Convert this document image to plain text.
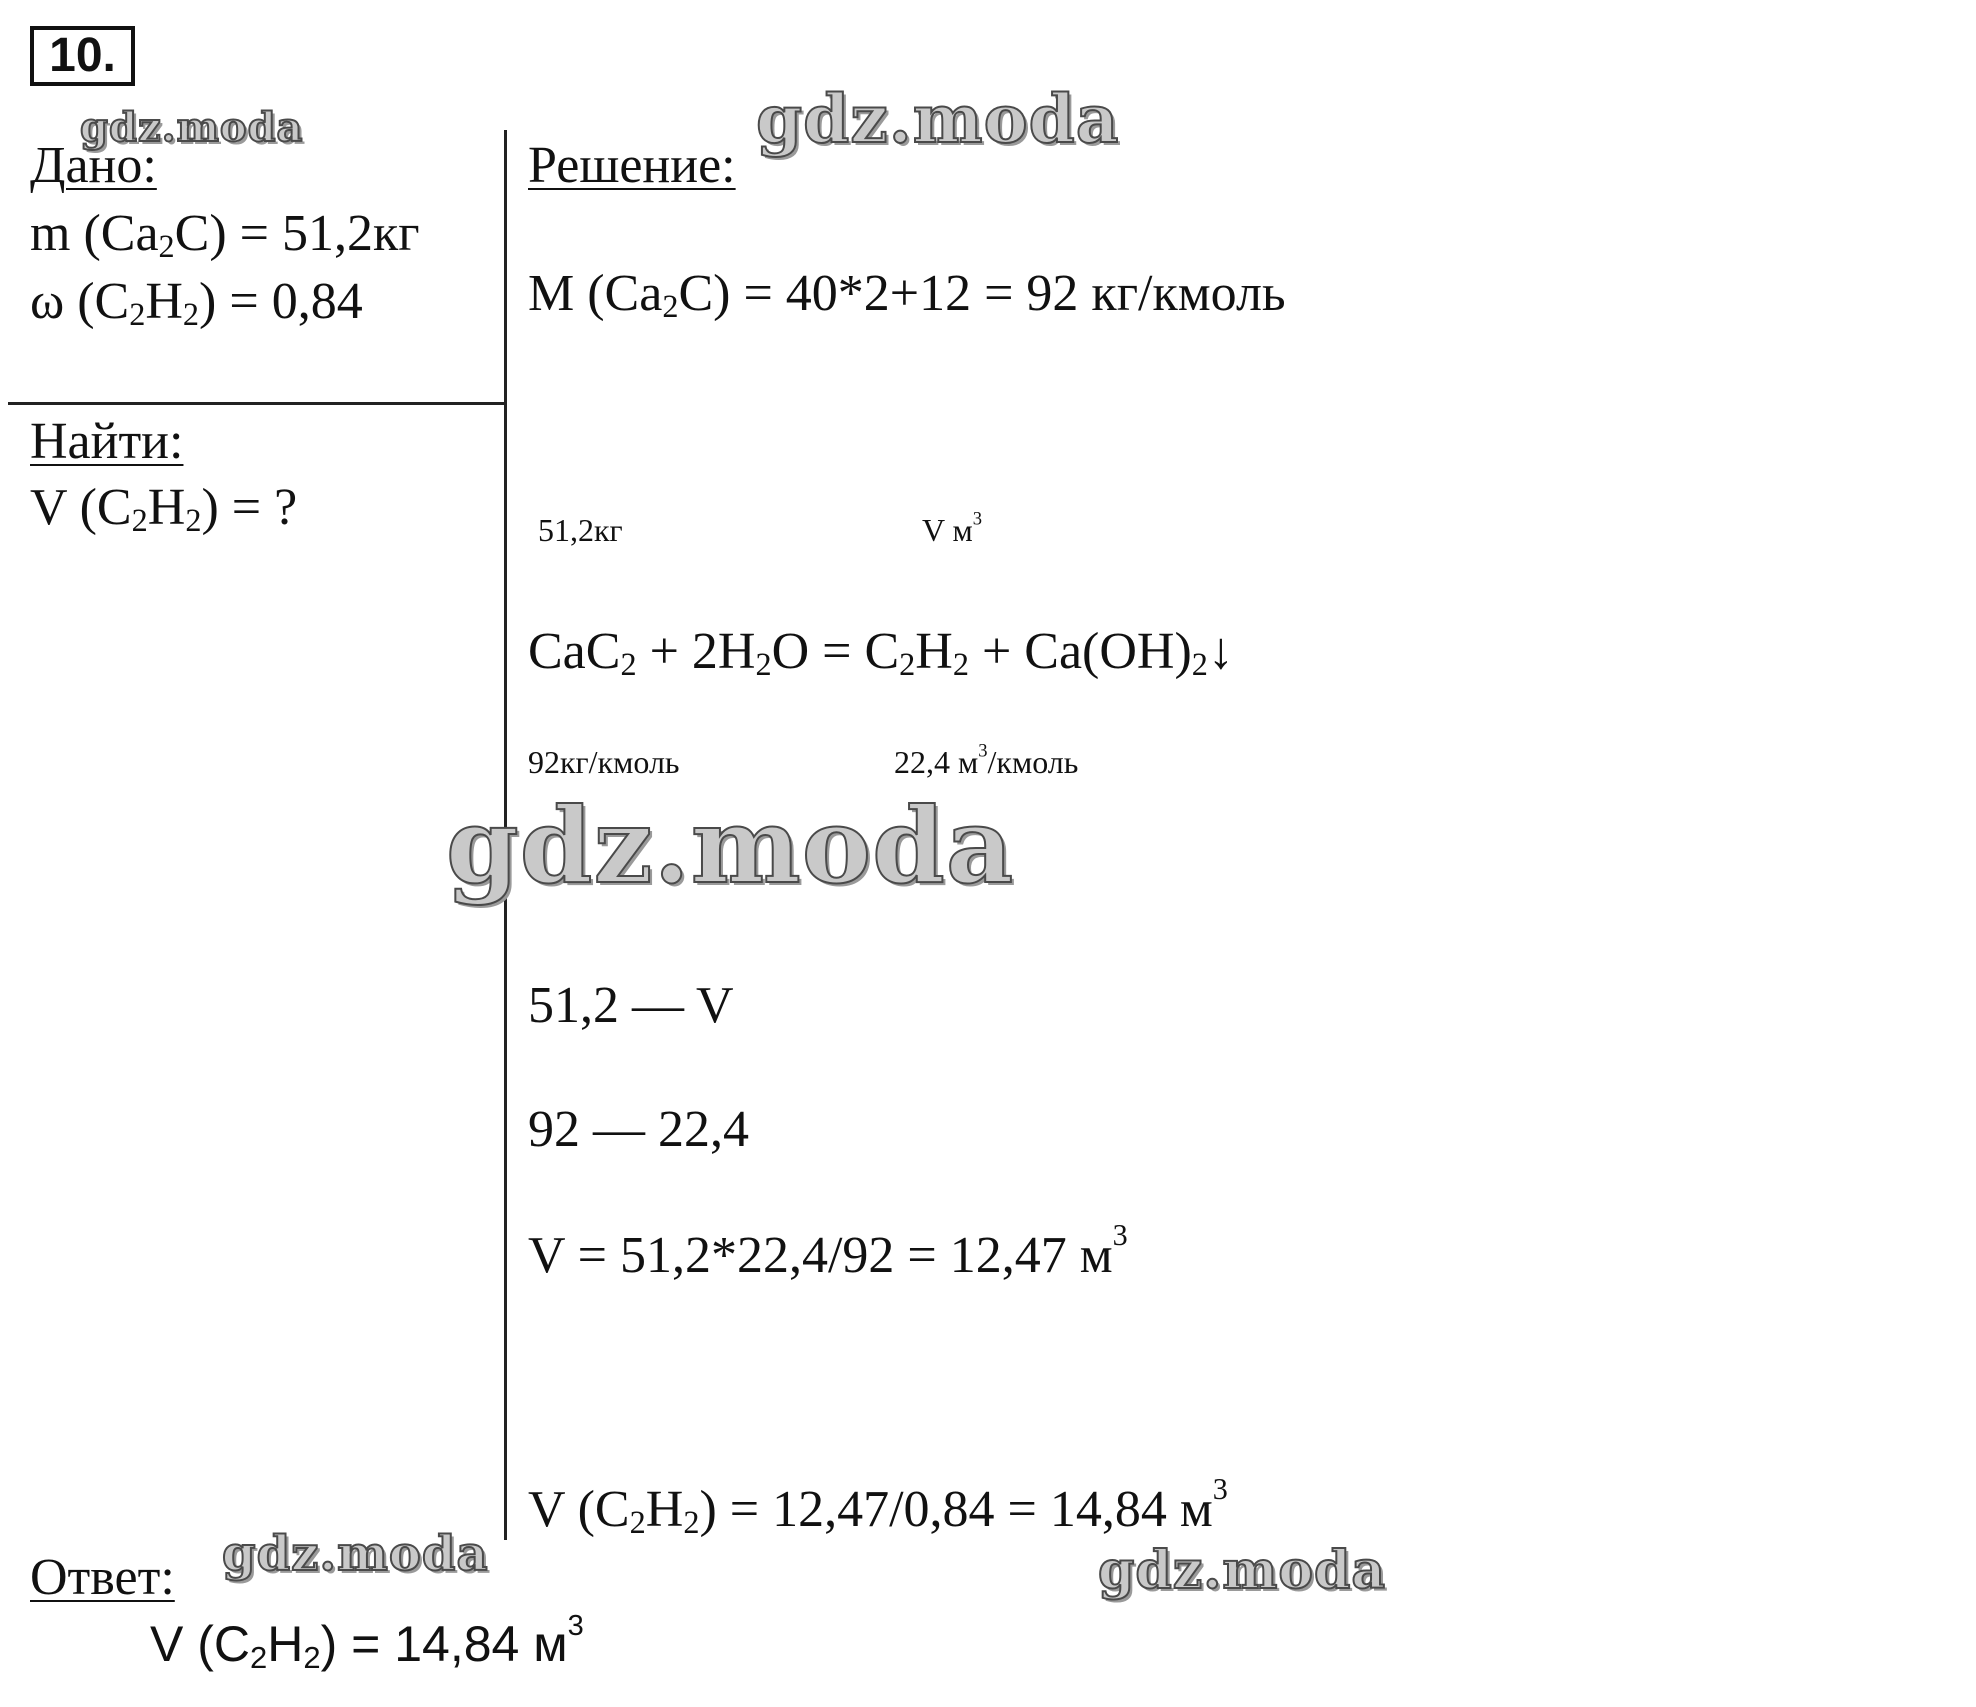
10.
Дано:
m $(Ca_2C) = 51,2кг$
ω $(C_2H_2) = 0,84$
Найти:
V $(C_2H_2)$ = ?
Решение:
M $(Ca_2C) = 40*2+12 = 92$ кг/кмоль
51,2кг	V $м^3$
$CaC_2 + 2H_2O = C_2H_2$ + $Ca(OH)_2↓$
92кг/кмоль	22,4 $м^3$/кмоль
51,2 — V
92 — 22,4
V = 51,2*22,4/92 = 12,47 $м^3$
V $(C_2H_2) = 12,47/0,84 = 14,84$ $м^3$
Ответ:
V $(C_2H_2) = 14,84$ $м^3$
gdz.moda	gdz.moda
gdz.moda
gdz.moda	gdz.moda
